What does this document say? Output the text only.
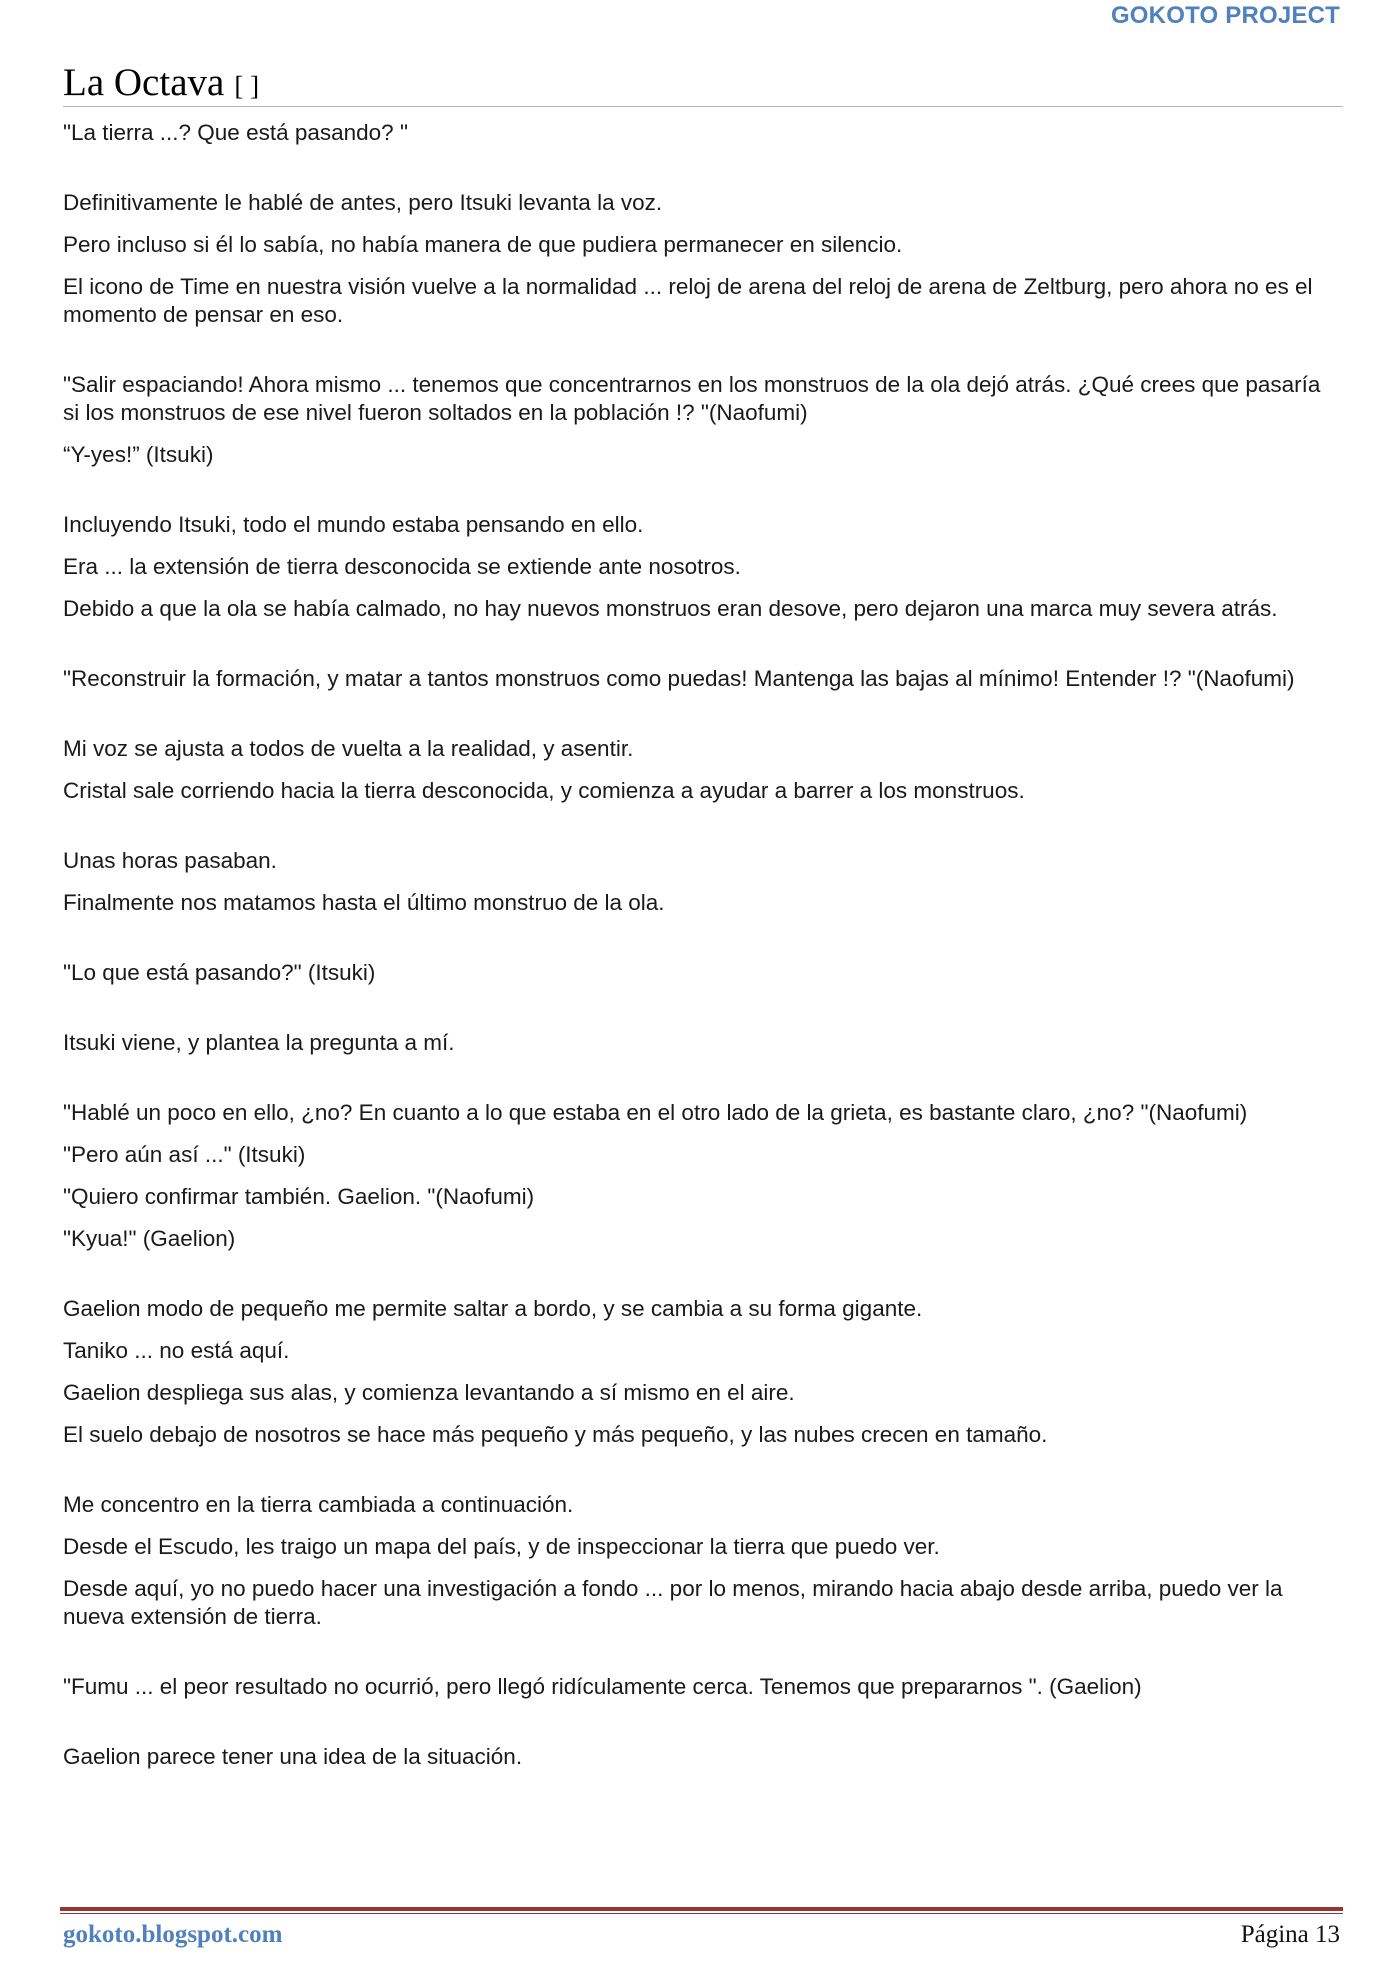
GOKOTO PROJECT
La Octava [ ]

"La tierra ...? Que está pasando? "

Definitivamente le hablé de antes, pero Itsuki levanta la voz.

Pero incluso si él lo sabía, no había manera de que pudiera permanecer en silencio.

El icono de Time en nuestra visión vuelve a la normalidad ... reloj de arena del reloj de arena de Zeltburg, pero ahora no es el momento de pensar en eso.

"Salir espaciando! Ahora mismo ... tenemos que concentrarnos en los monstruos de la ola dejó atrás. ¿Qué crees que pasaría si los monstruos de ese nivel fueron soltados en la población !? "(Naofumi)

“Y-yes!” (Itsuki)

Incluyendo Itsuki, todo el mundo estaba pensando en ello.

Era ... la extensión de tierra desconocida se extiende ante nosotros.

Debido a que la ola se había calmado, no hay nuevos monstruos eran desove, pero dejaron una marca muy severa atrás.

"Reconstruir la formación, y matar a tantos monstruos como puedas! Mantenga las bajas al mínimo! Entender !? "(Naofumi)

Mi voz se ajusta a todos de vuelta a la realidad, y asentir.

Cristal sale corriendo hacia la tierra desconocida, y comienza a ayudar a barrer a los monstruos.

Unas horas pasaban.

Finalmente nos matamos hasta el último monstruo de la ola.

"Lo que está pasando?" (Itsuki)

Itsuki viene, y plantea la pregunta a mí.

"Hablé un poco en ello, ¿no? En cuanto a lo que estaba en el otro lado de la grieta, es bastante claro, ¿no? "(Naofumi)

"Pero aún así ..." (Itsuki)

"Quiero confirmar también. Gaelion. "(Naofumi)

"Kyua!" (Gaelion)

Gaelion modo de pequeño me permite saltar a bordo, y se cambia a su forma gigante.

Taniko ... no está aquí.

Gaelion despliega sus alas, y comienza levantando a sí mismo en el aire.

El suelo debajo de nosotros se hace más pequeño y más pequeño, y las nubes crecen en tamaño.

Me concentro en la tierra cambiada a continuación.

Desde el Escudo, les traigo un mapa del país, y de inspeccionar la tierra que puedo ver.

Desde aquí, yo no puedo hacer una investigación a fondo ... por lo menos, mirando hacia abajo desde arriba, puedo ver la nueva extensión de tierra.

"Fumu ... el peor resultado no ocurrió, pero llegó ridículamente cerca. Tenemos que prepararnos ". (Gaelion)

Gaelion parece tener una idea de la situación.

gokoto.blogspot.com	Página 13
